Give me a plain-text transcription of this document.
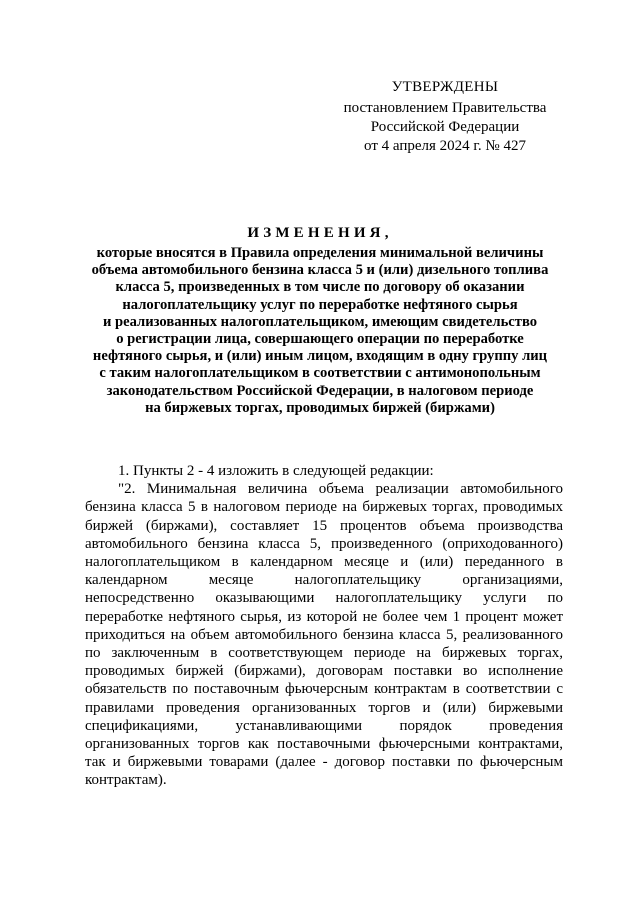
УТВЕРЖДЕНЫ
постановлением Правительства
Российской Федерации
от 4 апреля 2024 г. № 427
ИЗМЕНЕНИЯ,
которые вносятся в Правила определения минимальной величины
объема автомобильного бензина класса 5 и (или) дизельного топлива
класса 5, произведенных в том числе по договору об оказании
налогоплательщику услуг по переработке нефтяного сырья
и реализованных налогоплательщиком, имеющим свидетельство
о регистрации лица, совершающего операции по переработке
нефтяного сырья, и (или) иным лицом, входящим в одну группу лиц
с таким налогоплательщиком в соответствии с антимонопольным
законодательством Российской Федерации, в налоговом периоде
на биржевых торгах, проводимых биржей (биржами)
1. Пункты 2 - 4 изложить в следующей редакции:
"2. Минимальная величина объема реализации автомобильного бензина класса 5 в налоговом периоде на биржевых торгах, проводимых биржей (биржами), составляет 15 процентов объема производства автомобильного бензина класса 5, произведенного (оприходованного) налогоплательщиком в календарном месяце и (или) переданного в календарном месяце налогоплательщику организациями, непосредственно оказывающими налогоплательщику услуги по переработке нефтяного сырья, из которой не более чем 1 процент может приходиться на объем автомобильного бензина класса 5, реализованного по заключенным в соответствующем периоде на биржевых торгах, проводимых биржей (биржами), договорам поставки во исполнение обязательств по поставочным фьючерсным контрактам в соответствии с правилами проведения организованных торгов и (или) биржевыми спецификациями, устанавливающими порядок проведения организованных торгов как поставочными фьючерсными контрактами, так и биржевыми товарами (далее - договор поставки по фьючерсным контрактам).
